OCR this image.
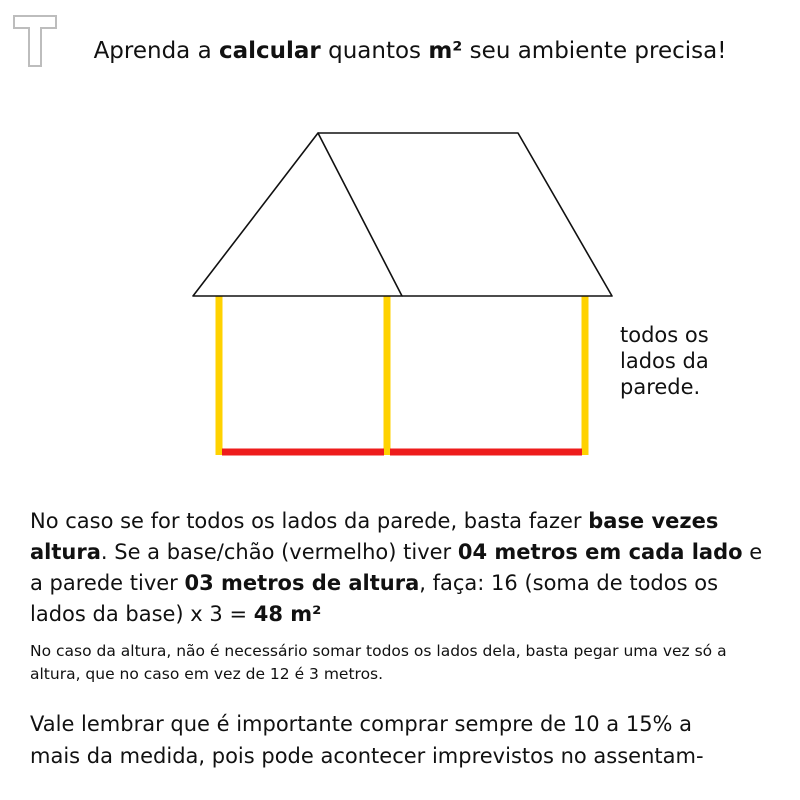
Aprenda a calcular quantos m² seu ambiente precisa!
todos os
lados da
parede.
No caso se for todos os lados da parede, basta fazer base vezes altura. Se a base/chão (vermelho) tiver 04 metros em cada lado e a parede tiver 03 metros de altura, faça: 16 (soma de todos os lados da base) x 3 = 48 m²
No caso da altura, não é necessário somar todos os lados dela, basta pegar uma vez só a altura, que no caso em vez de 12 é 3 metros.
Vale lembrar que é importante comprar sempre de 10 a 15% a
mais da medida, pois pode acontecer imprevistos no assentam-
